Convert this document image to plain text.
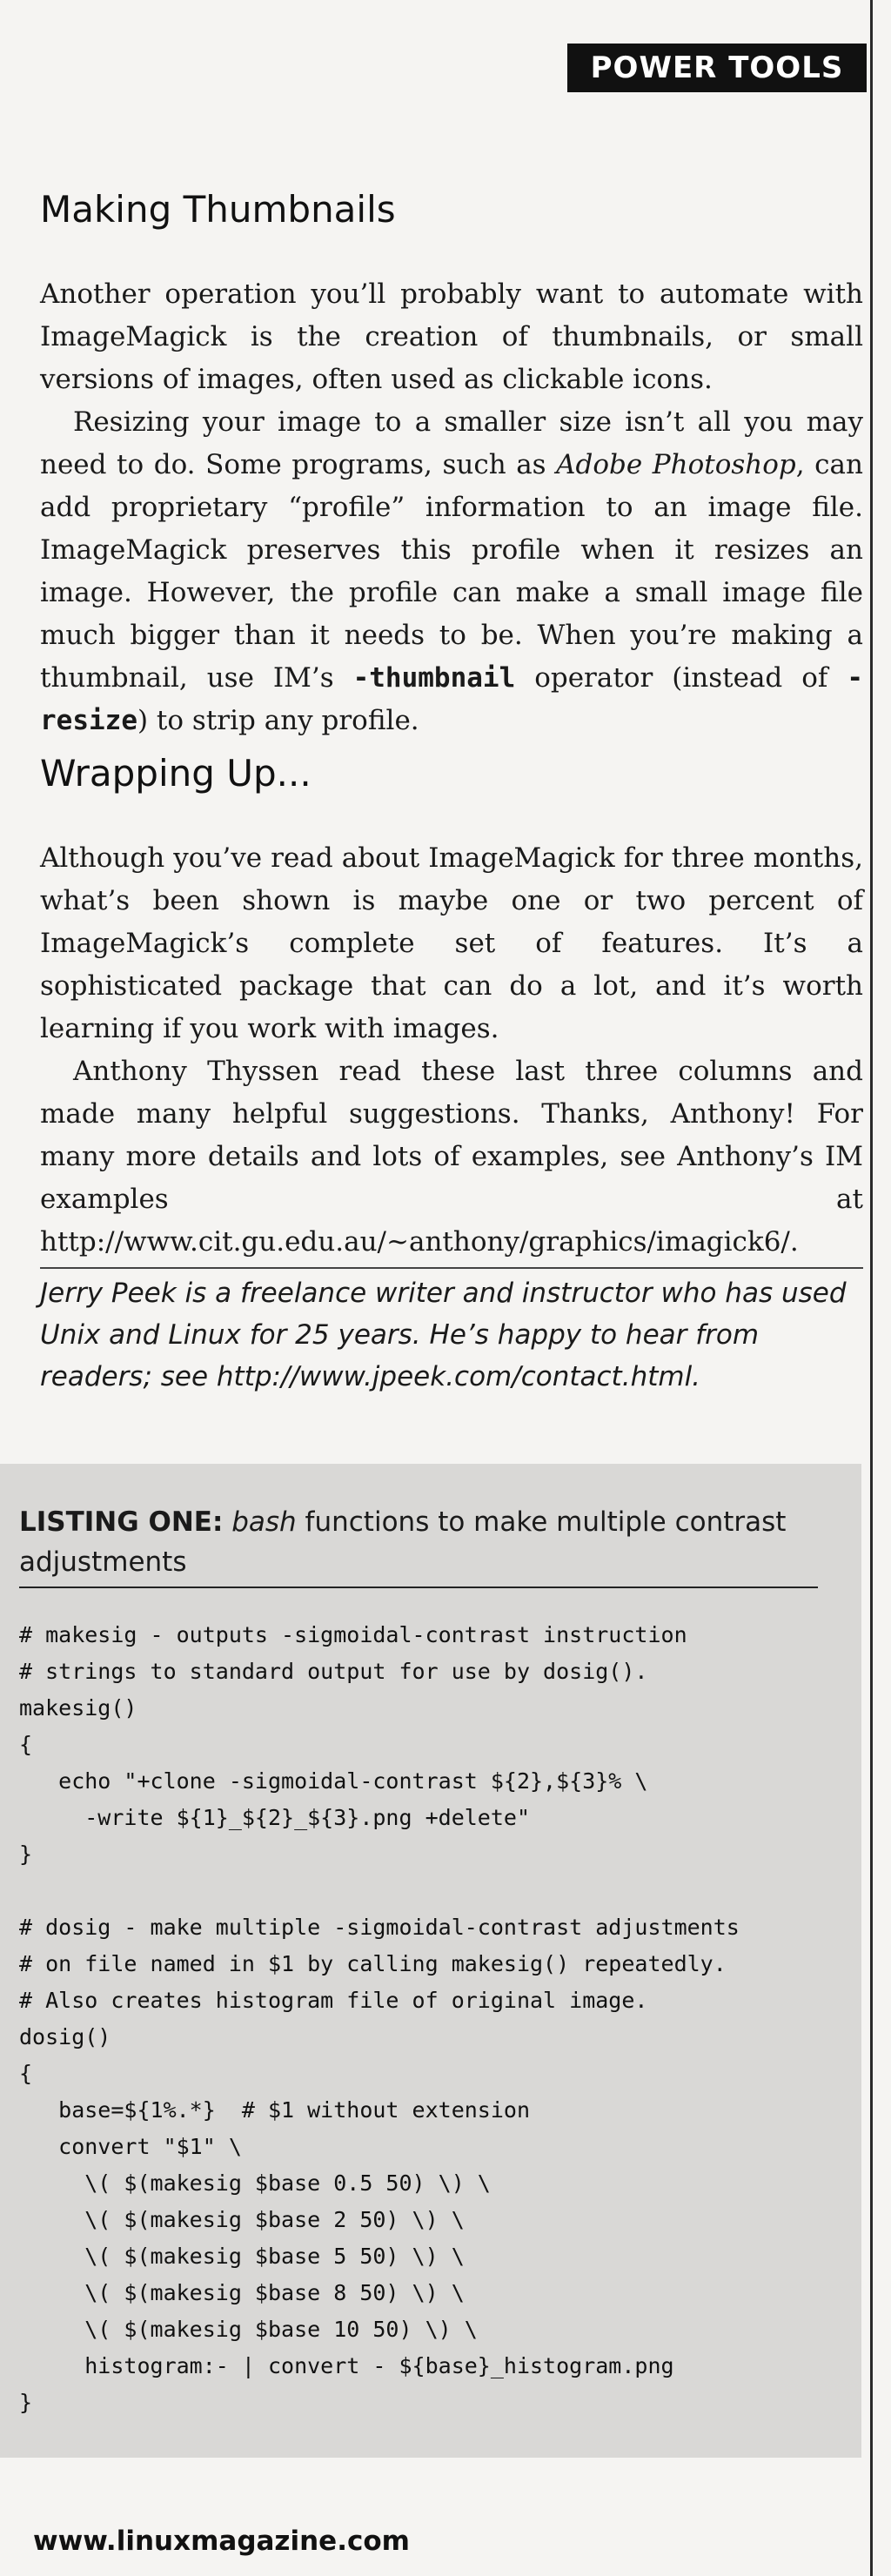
POWER TOOLS
Making Thumbnails

Another operation you’ll probably want to automate with ImageMagick is the creation of thumbnails, or small versions of images, often used as clickable icons.

Resizing your image to a smaller size isn’t all you may need to do. Some programs, such as Adobe Photoshop, can add proprietary “profile” information to an image file. ImageMagick preserves this profile when it resizes an image. However, the profile can make a small image file much bigger than it needs to be. When you’re making a thumbnail, use IM’s -thumbnail operator (instead of -resize) to strip any profile.

Wrapping Up...

Although you’ve read about ImageMagick for three months, what’s been shown is maybe one or two percent of ImageMagick’s complete set of features. It’s a sophisticated package that can do a lot, and it’s worth learning if you work with images.

Anthony Thyssen read these last three columns and made many helpful suggestions. Thanks, Anthony! For many more details and lots of examples, see Anthony’s IM examples at http://www.cit.gu.edu.au/~anthony/graphics/imagick6/.

Jerry Peek is a freelance writer and instructor who has used Unix and Linux for 25 years. He’s happy to hear from readers; see http://www.jpeek.com/contact.html.

LISTING ONE: bash functions to make multiple contrast adjustments

# makesig - outputs -sigmoidal-contrast instruction
# strings to standard output for use by dosig().
makesig()
{
echo "+clone -sigmoidal-contrast ${2},${3}% \
-write ${1}_${2}_${3}.png +delete"
}

# dosig - make multiple -sigmoidal-contrast adjustments
# on file named in $1 by calling makesig() repeatedly.
# Also creates histogram file of original image.
dosig()
{
base=${1%.*}  # $1 without extension
convert "$1" \
\( $(makesig $base 0.5 50) \) \
\( $(makesig $base 2 50) \) \
\( $(makesig $base 5 50) \) \
\( $(makesig $base 8 50) \) \
\( $(makesig $base 10 50) \) \
histogram:- | convert - ${base}_histogram.png
}
www.linuxmagazine.com
